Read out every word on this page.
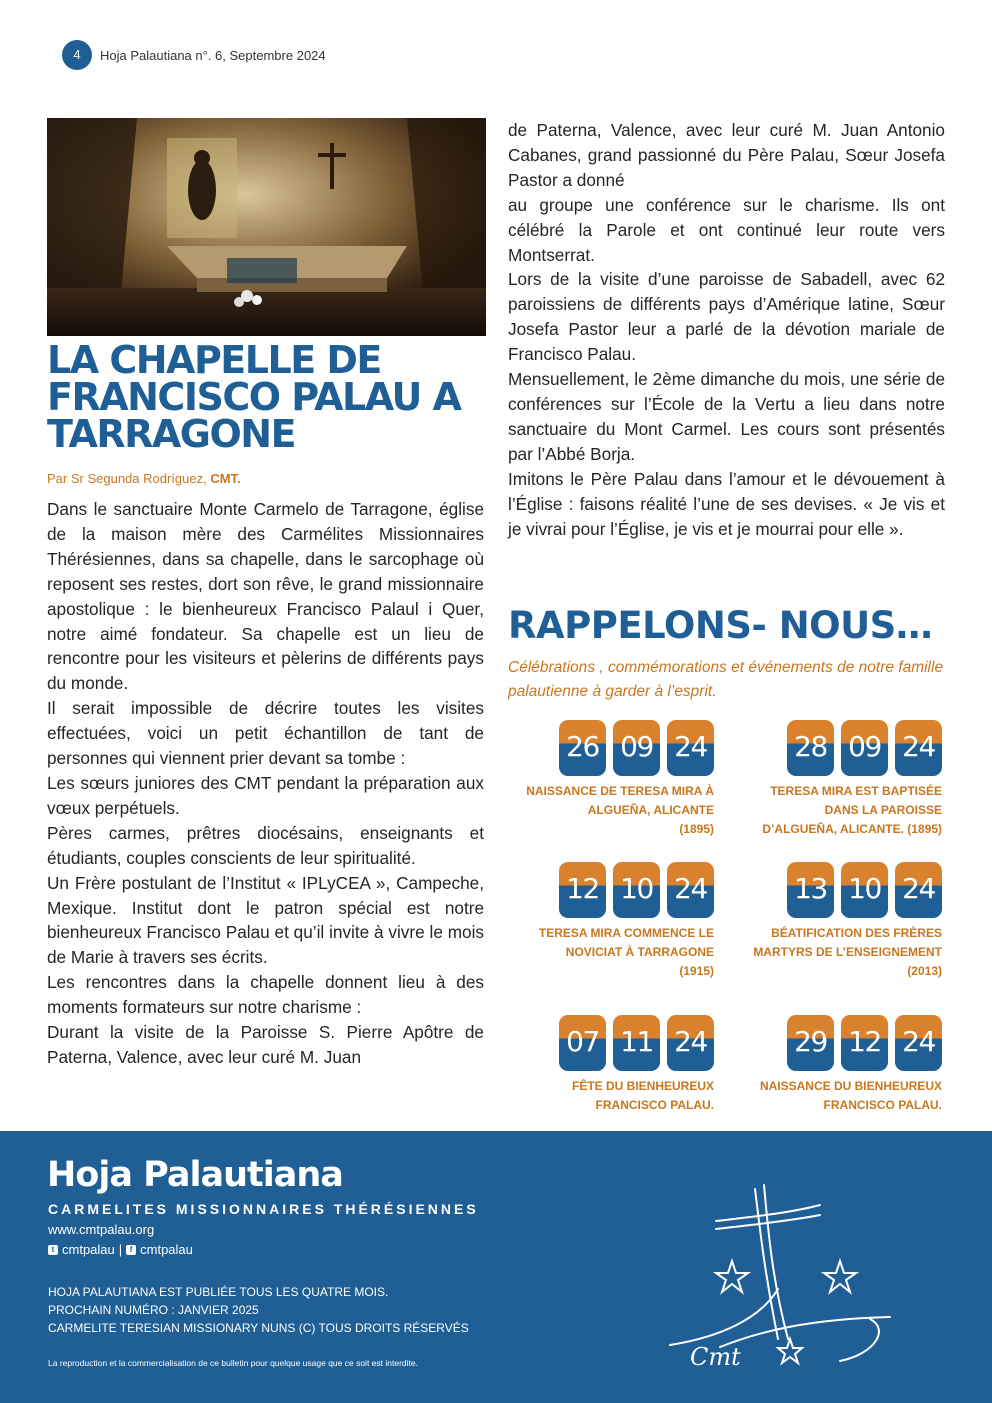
4	Hoja Palautiana n°. 6, Septembre 2024
LA CHAPELLE DE FRANCISCO PALAU A TARRAGONE
Par Sr Segunda Rodríguez, CMT.

Dans le sanctuaire Monte Carmelo de Tarragone, église de la maison mère des Carmélites Missionnaires Thérésiennes, dans sa chapelle, dans le sarcophage où reposent ses restes, dort son rêve, le grand missionnaire apostolique : le bienheureux Francisco Palaul i Quer, notre aimé fondateur. Sa chapelle est un lieu de rencontre pour les visiteurs et pèlerins de différents pays du monde.

Il serait impossible de décrire toutes les visites effectuées, voici un petit échantillon de tant de personnes qui viennent prier devant sa tombe :

Les sœurs juniores des CMT pendant la préparation aux vœux perpétuels.

Pères carmes, prêtres diocésains, enseignants et étudiants, couples conscients de leur spiritualité.

Un Frère postulant de l’Institut « IPLyCEA », Campeche, Mexique. Institut dont le patron spécial est notre bienheureux Francisco Palau et qu’il invite à vivre le mois de Marie à travers ses écrits.

Les rencontres dans la chapelle donnent lieu à des moments formateurs sur notre charisme :

Durant la visite de la Paroisse S. Pierre Apôtre de Paterna, Valence, avec leur curé M. Juan

de Paterna, Valence, avec leur curé M. Juan Antonio Cabanes, grand passionné du Père Palau, Sœur Josefa Pastor a donné

au groupe une conférence sur le charisme. Ils ont célébré la Parole et ont continué leur route vers Montserrat.

Lors de la visite d’une paroisse de Sabadell, avec 62 paroissiens de différents pays d’Amérique latine, Sœur Josefa Pastor leur a parlé de la dévotion mariale de Francisco Palau.

Mensuellement, le 2ème dimanche du mois, une série de conférences sur l’École de la Vertu a lieu dans notre sanctuaire du Mont Carmel. Les cours sont présentés par l’Abbé Borja.

Imitons le Père Palau dans l’amour et le dévouement à l’Église : faisons réalité l’une de ses devises. « Je vis et je vivrai pour l’Église, je vis et je mourrai pour elle ».

RAPPELONS- NOUS…
Célébrations , commémorations et événements de notre famille palautienne à garder à l’esprit.
26 09 24
NAISSANCE DE TERESA MIRA À
ALGUEÑA, ALICANTE
(1895)
28 09 24
TERESA MIRA EST BAPTISÉE
DANS LA PAROISSE
D’ALGUEÑA, ALICANTE. (1895)
12 10 24
TERESA MIRA COMMENCE LE
NOVICIAT À TARRAGONE
(1915)
13 10 24
BÉATIFICATION DES FRÈRES
MARTYRS DE L’ENSEIGNEMENT
(2013)
07 11 24
FÊTE DU BIENHEUREUX
FRANCISCO PALAU.
29 12 24
NAISSANCE DU BIENHEUREUX
FRANCISCO PALAU.
Hoja Palautiana
CARMELITES MISSIONNAIRES THÉRÉSIENNES
www.cmtpalau.org
t cmtpalau | f cmtpalau
HOJA PALAUTIANA EST PUBLIÉE TOUS LES QUATRE MOIS.
PROCHAIN NUMÉRO : JANVIER 2025
CARMELITE TERESIAN MISSIONARY NUNS (C) TOUS DROITS RÉSERVÉS
La reproduction et la commercialisation de ce bulletin pour quelque usage que ce soit est interdite.	Cmt
